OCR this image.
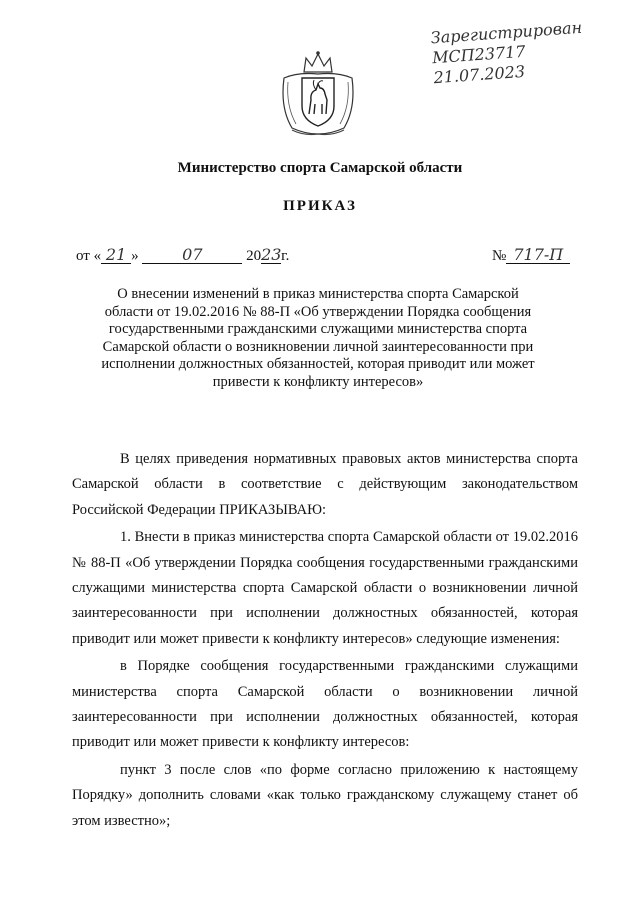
Зарегистрирован
МСП23717
21.07.2023
Министерство спорта Самарской области
ПРИКАЗ
от « 21 »	07	2023г.	№ 717-П
О внесении изменений в приказ министерства спорта Самарской области от 19.02.2016 № 88-П «Об утверждении Порядка сообщения государственными гражданскими служащими министерства спорта Самарской области о возникновении личной заинтересованности при исполнении должностных обязанностей, которая приводит или может привести к конфликту интересов»

В целях приведения нормативных правовых актов министерства спорта Самарской области в соответствие с действующим законодательством Российской Федерации ПРИКАЗЫВАЮ:

1. Внести в приказ министерства спорта Самарской области от 19.02.2016 № 88-П «Об утверждении Порядка сообщения государственными гражданскими служащими министерства спорта Самарской области о возникновении личной заинтересованности при исполнении должностных обязанностей, которая приводит или может привести к конфликту интересов» следующие изменения:

в Порядке сообщения государственными гражданскими служащими министерства спорта Самарской области о возникновении личной заинтересованности при исполнении должностных обязанностей, которая приводит или может привести к конфликту интересов:

пункт 3 после слов «по форме согласно приложению к настоящему Порядку» дополнить словами «как только гражданскому служащему станет об этом известно»;
